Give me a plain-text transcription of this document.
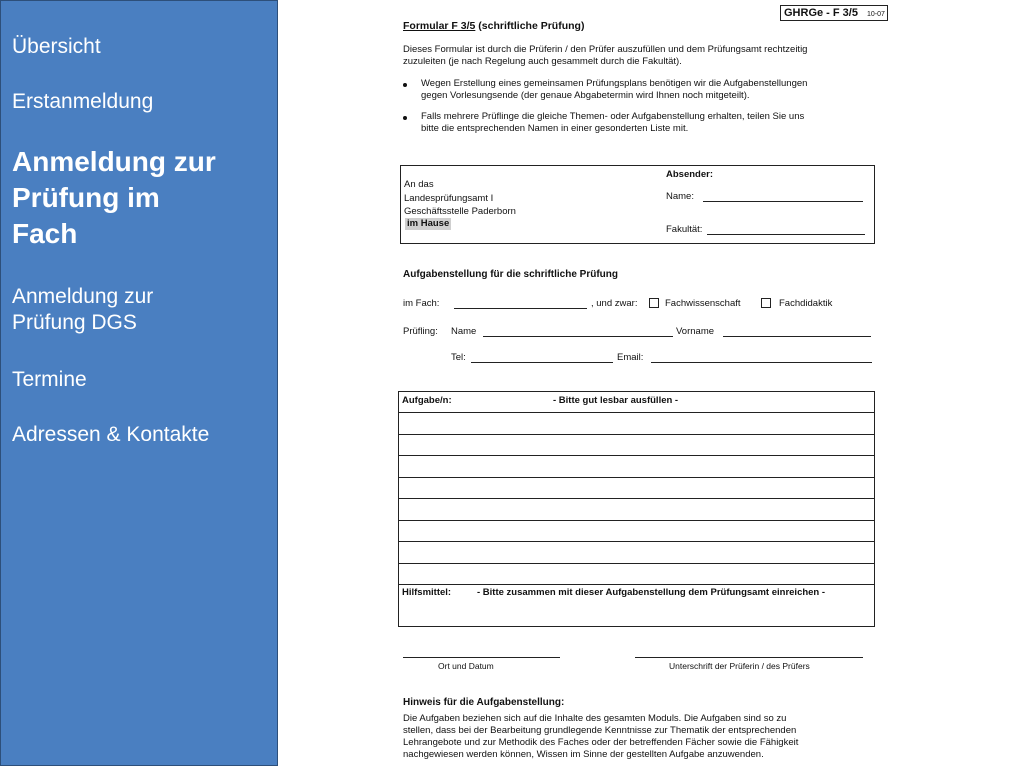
Übersicht
Erstanmeldung
Anmeldung zur
Prüfung im
Fach
Anmeldung zur
Prüfung DGS
Termine
Adressen & Kontakte
GHRGe - F 3/5 10-07
Formular F 3/5 (schriftliche Prüfung)
Dieses Formular ist durch die Prüferin / den Prüfer auszufüllen und dem Prüfungsamt rechtzeitig
zuzuleiten (je nach Regelung auch gesammelt durch die Fakultät).
Wegen Erstellung eines gemeinsamen Prüfungsplans benötigen wir die Aufgabenstellungen
gegen Vorlesungsende (der genaue Abgabetermin wird Ihnen noch mitgeteilt).
Falls mehrere Prüflinge die gleiche Themen- oder Aufgabenstellung erhalten, teilen Sie uns
bitte die entsprechenden Namen in einer gesonderten Liste mit.
An das
Landesprüfungsamt I
Geschäftsstelle Paderborn
im Hause
Absender:
Name:
Fakultät:
Aufgabenstellung für die schriftliche Prüfung
im Fach:	, und zwar:	Fachwissenschaft	Fachdidaktik
Prüfling: Name	Vorname
Tel:	Email:
Aufgabe/n:	- Bitte gut lesbar ausfüllen -
Hilfsmittel:	- Bitte zusammen mit dieser Aufgabenstellung dem Prüfungsamt einreichen -
Ort und Datum	Unterschrift der Prüferin / des Prüfers
Hinweis für die Aufgabenstellung:
Die Aufgaben beziehen sich auf die Inhalte des gesamten Moduls. Die Aufgaben sind so zu
stellen, dass bei der Bearbeitung grundlegende Kenntnisse zur Thematik der entsprechenden
Lehrangebote und zur Methodik des Faches oder der betreffenden Fächer sowie die Fähigkeit
nachgewiesen werden können, Wissen im Sinne der gestellten Aufgabe anzuwenden.
